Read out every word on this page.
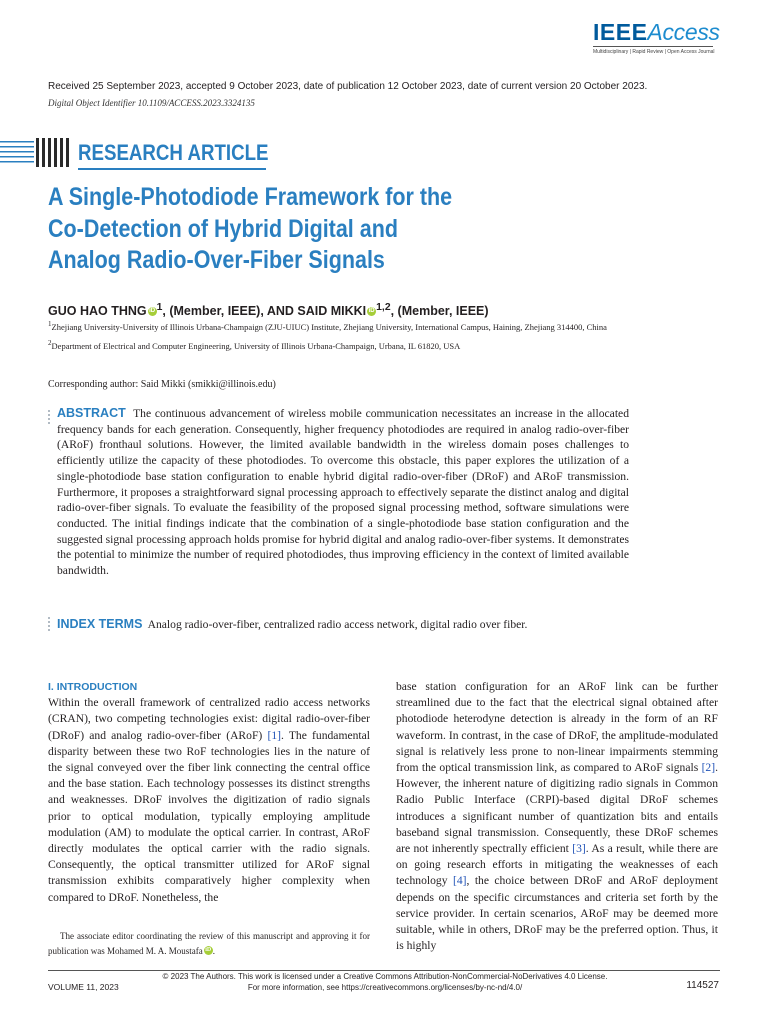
IEEEAccess
Multidisciplinary | Rapid Review | Open Access Journal
Received 25 September 2023, accepted 9 October 2023, date of publication 12 October 2023, date of current version 20 October 2023.
Digital Object Identifier 10.1109/ACCESS.2023.3324135
RESEARCH ARTICLE
A Single-Photodiode Framework for the
Co-Detection of Hybrid Digital and
Analog Radio-Over-Fiber Signals
GUO HAO THNG iD $^1$, (Member, IEEE), AND SAID MIKKI iD $^{1,2}$, (Member, IEEE)
$^1$Zhejiang University-University of Illinois Urbana-Champaign (ZJU-UIUC) Institute, Zhejiang University, International Campus, Haining, Zhejiang 314400, China
$^2$Department of Electrical and Computer Engineering, University of Illinois Urbana-Champaign, Urbana, IL 61820, USA
Corresponding author: Said Mikki (smikki@illinois.edu)
ABSTRACT The continuous advancement of wireless mobile communication necessitates an increase in the allocated frequency bands for each generation. Consequently, higher frequency photodiodes are required in analog radio-over-fiber (ARoF) fronthaul solutions. However, the limited available bandwidth in the wireless domain poses challenges to efficiently utilize the capacity of these photodiodes. To overcome this obstacle, this paper explores the utilization of a single-photodiode base station configuration to enable hybrid digital radio-over-fiber (DRoF) and ARoF transmission. Furthermore, it proposes a straightforward signal processing approach to effectively separate the distinct analog and digital radio-over-fiber signals. To evaluate the feasibility of the proposed signal processing method, software simulations were conducted. The initial findings indicate that the combination of a single-photodiode base station configuration and the suggested signal processing approach holds promise for hybrid digital and analog radio-over-fiber systems. It demonstrates the potential to minimize the number of required photodiodes, thus improving efficiency in the context of limited available bandwidth.
INDEX TERMS Analog radio-over-fiber, centralized radio access network, digital radio over fiber.
I. INTRODUCTION
Within the overall framework of centralized radio access networks (CRAN), two competing technologies exist: digital radio-over-fiber (DRoF) and analog radio-over-fiber (ARoF) [1]. The fundamental disparity between these two RoF technologies lies in the nature of the signal conveyed over the fiber link connecting the central office and the base station. Each technology possesses its distinct strengths and weaknesses. DRoF involves the digitization of radio signals prior to optical modulation, typically employing amplitude modulation (AM) to modulate the optical carrier. In contrast, ARoF directly modulates the optical carrier with the radio signals. Consequently, the optical transmitter utilized for ARoF signal transmission exhibits comparatively higher complexity when compared to DRoF. Nonetheless, the
The associate editor coordinating the review of this manuscript and approving it for publication was Mohamed M. A. Moustafa iD .
base station configuration for an ARoF link can be further streamlined due to the fact that the electrical signal obtained after photodiode heterodyne detection is already in the form of an RF waveform. In contrast, in the case of DRoF, the amplitude-modulated signal is relatively less prone to non-linear impairments stemming from the optical transmission link, as compared to ARoF signals [2]. However, the inherent nature of digitizing radio signals in Common Radio Public Interface (CRPI)-based digital DRoF schemes introduces a significant number of quantization bits and entails baseband signal transmission. Consequently, these DRoF schemes are not inherently spectrally efficient [3]. As a result, while there are on going research efforts in mitigating the weaknesses of each technology [4], the choice between DRoF and ARoF deployment depends on the specific circumstances and criteria set forth by the service provider. In certain scenarios, ARoF may be deemed more suitable, while in others, DRoF may be the preferred option. Thus, it is highly
© 2023 The Authors. This work is licensed under a Creative Commons Attribution-NonCommercial-NoDerivatives 4.0 License.
For more information, see https://creativecommons.org/licenses/by-nc-nd/4.0/
VOLUME 11, 2023	114527
